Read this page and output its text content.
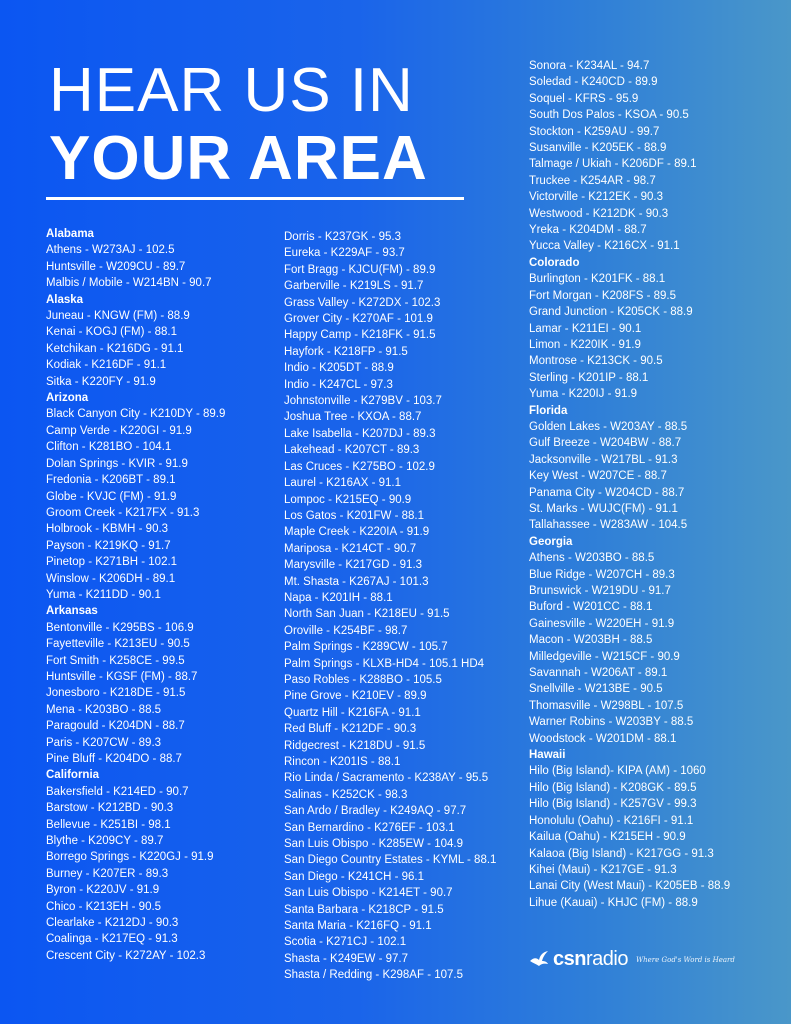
HEAR US IN
YOUR AREA
Alabama
Athens - W273AJ - 102.5
Huntsville - W209CU - 89.7
Malbis / Mobile - W214BN - 90.7
Alaska
Juneau - KNGW (FM) - 88.9
Kenai - KOGJ (FM) - 88.1
Ketchikan - K216DG - 91.1
Kodiak - K216DF - 91.1
Sitka - K220FY - 91.9
Arizona
Black Canyon City - K210DY - 89.9
Camp Verde - K220GI - 91.9
Clifton - K281BO - 104.1
Dolan Springs - KVIR - 91.9
Fredonia - K206BT - 89.1
Globe - KVJC (FM) - 91.9
Groom Creek - K217FX - 91.3
Holbrook - KBMH - 90.3
Payson - K219KQ - 91.7
Pinetop - K271BH - 102.1
Winslow - K206DH - 89.1
Yuma - K211DD - 90.1
Arkansas
Bentonville - K295BS - 106.9
Fayetteville - K213EU - 90.5
Fort Smith - K258CE - 99.5
Huntsville - KGSF (FM) - 88.7
Jonesboro - K218DE - 91.5
Mena - K203BO - 88.5
Paragould - K204DN - 88.7
Paris - K207CW - 89.3
Pine Bluff - K204DO - 88.7
California
Bakersfield - K214ED - 90.7
Barstow - K212BD - 90.3
Bellevue - K251BI - 98.1
Blythe - K209CY - 89.7
Borrego Springs - K220GJ - 91.9
Burney - K207ER - 89.3
Byron - K220JV - 91.9
Chico - K213EH - 90.5
Clearlake - K212DJ - 90.3
Coalinga - K217EQ - 91.3
Crescent City - K272AY - 102.3
Dorris - K237GK - 95.3
Eureka - K229AF - 93.7
Fort Bragg - KJCU(FM) - 89.9
Garberville - K219LS - 91.7
Grass Valley - K272DX - 102.3
Grover City - K270AF - 101.9
Happy Camp - K218FK - 91.5
Hayfork - K218FP - 91.5
Indio - K205DT - 88.9
Indio - K247CL - 97.3
Johnstonville - K279BV - 103.7
Joshua Tree - KXOA - 88.7
Lake Isabella - K207DJ - 89.3
Lakehead - K207CT - 89.3
Las Cruces - K275BO - 102.9
Laurel - K216AX - 91.1
Lompoc - K215EQ - 90.9
Los Gatos - K201FW - 88.1
Maple Creek - K220IA - 91.9
Mariposa - K214CT - 90.7
Marysville - K217GD - 91.3
Mt. Shasta - K267AJ - 101.3
Napa - K201IH - 88.1
North San Juan - K218EU - 91.5
Oroville - K254BF - 98.7
Palm Springs - K289CW - 105.7
Palm Springs - KLXB-HD4 - 105.1 HD4
Paso Robles - K288BO - 105.5
Pine Grove - K210EV - 89.9
Quartz Hill - K216FA - 91.1
Red Bluff - K212DF - 90.3
Ridgecrest - K218DU - 91.5
Rincon - K201IS - 88.1
Rio Linda / Sacramento - K238AY - 95.5
Salinas - K252CK - 98.3
San Ardo / Bradley - K249AQ - 97.7
San Bernardino - K276EF - 103.1
San Luis Obispo - K285EW - 104.9
San Diego Country Estates - KYML - 88.1
San Diego - K241CH - 96.1
San Luis Obispo - K214ET - 90.7
Santa Barbara - K218CP - 91.5
Santa Maria - K216FQ - 91.1
Scotia - K271CJ - 102.1
Shasta - K249EW - 97.7
Shasta / Redding - K298AF - 107.5
Sonora - K234AL - 94.7
Soledad - K240CD - 89.9
Soquel - KFRS - 95.9
South Dos Palos - KSOA - 90.5
Stockton - K259AU - 99.7
Susanville - K205EK - 88.9
Talmage / Ukiah - K206DF - 89.1
Truckee - K254AR - 98.7
Victorville - K212EK - 90.3
Westwood - K212DK - 90.3
Yreka - K204DM - 88.7
Yucca Valley - K216CX - 91.1
Colorado
Burlington - K201FK - 88.1
Fort Morgan - K208FS - 89.5
Grand Junction - K205CK - 88.9
Lamar - K211EI - 90.1
Limon - K220IK - 91.9
Montrose - K213CK - 90.5
Sterling - K201IP - 88.1
Yuma - K220IJ - 91.9
Florida
Golden Lakes - W203AY - 88.5
Gulf Breeze - W204BW - 88.7
Jacksonville - W217BL - 91.3
Key West - W207CE - 88.7
Panama City - W204CD - 88.7
St. Marks - WUJC(FM) - 91.1
Tallahassee - W283AW - 104.5
Georgia
Athens - W203BO - 88.5
Blue Ridge - W207CH - 89.3
Brunswick - W219DU - 91.7
Buford - W201CC - 88.1
Gainesville - W220EH - 91.9
Macon - W203BH - 88.5
Milledgeville - W215CF - 90.9
Savannah - W206AT - 89.1
Snellville - W213BE - 90.5
Thomasville - W298BL - 107.5
Warner Robins - W203BY - 88.5
Woodstock - W201DM - 88.1
Hawaii
Hilo (Big Island)- KIPA (AM) - 1060
Hilo (Big Island) - K208GK - 89.5
Hilo (Big Island) - K257GV - 99.3
Honolulu (Oahu) - K216FI - 91.1
Kailua (Oahu) - K215EH - 90.9
Kalaoa (Big Island) - K217GG - 91.3
Kihei (Maui) - K217GE - 91.3
Lanai City (West Maui) - K205EB - 88.9
Lihue (Kauai) - KHJC (FM) - 88.9
csnradio Where God's Word is Heard
